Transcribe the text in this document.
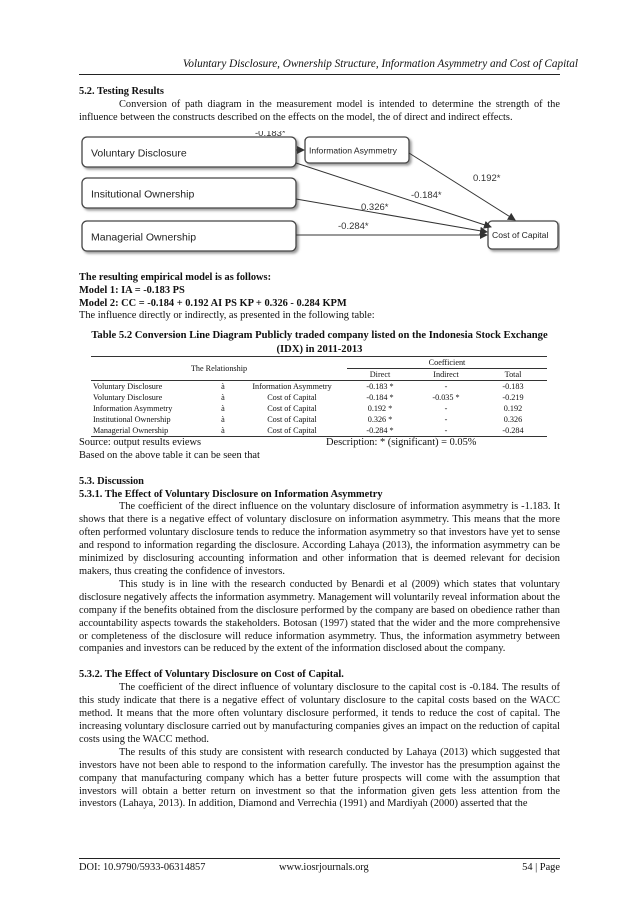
Voluntary Disclosure, Ownership Structure, Information Asymmetry and Cost of Capital

5.2. Testing Results

Conversion of path diagram in the measurement model is intended to determine the strength of the influence between the constructs described on the effects on the model, the of direct and indirect effects.

Voluntary Disclosure
Insitutional Ownership
Managerial Ownership
Information Asymmetry
Cost of Capital
-0.183*
0.192*
-0.184*
0.326*
-0.284*

The resulting empirical model is as follows:

Model 1: IA = -0.183 PS

Model 2: CC = -0.184 + 0.192 AI PS KP + 0.326 - 0.284 KPM

The influence directly or indirectly, as presented in the following table:

Table 5.2 Conversion Line Diagram Publicly traded company listed on the Indonesia Stock Exchange
(IDX) in 2011-2013
The Relationship			Coefficient		
			Direct	Indirect	Total
Voluntary Disclosure	à	Information Asymmetry	-0.183 *	-	-0.183
Voluntary Disclosure	à	Cost of Capital	-0.184 *	-0.035 *	-0.219
Information Asymmetry	à	Cost of Capital	0.192 *	-	0.192
Institutional Ownership	à	Cost of Capital	0.326 *	-	0.326
Managerial Ownership	à	Cost of Capital	-0.284 *	-	-0.284
Source: output results eviews	Description: * (significant) = 0.05%

Based on the above table it can be seen that

5.3. Discussion

5.3.1. The Effect of Voluntary Disclosure on Information Asymmetry

The coefficient of the direct influence on the voluntary disclosure of information asymmetry is -1.183. It shows that there is a negative effect of voluntary disclosure on information asymmetry. This means that the more often performed voluntary disclosure tends to reduce the information asymmetry so that investors have yet to sense and respond to information regarding the disclosure. According Lahaya (2013), the information asymmetry can be minimized by disclosuring accounting information and other information that is deemed relevant for decision makers, thus creating the confidence of investors.

This study is in line with the research conducted by Benardi et al (2009) which states that voluntary disclosure negatively affects the information asymmetry. Management will voluntarily reveal information about the company if the benefits obtained from the disclosure performed by the company are based on obedience rather than accountability aspects towards the stakeholders. Botosan (1997) stated that the wider and the more comprehensive or completeness of the disclosure will reduce information asymmetry. Thus, the information asymmetry between companies and investors can be reduced by the extent of the information disclosed about the company.

5.3.2. The Effect of Voluntary Disclosure on Cost of Capital.

The coefficient of the direct influence of voluntary disclosure to the capital cost is -0.184. The results of this study indicate that there is a negative effect of voluntary disclosure to the capital costs based on the WACC method. It means that the more often voluntary disclosure performed, it tends to reduce the cost of capital. The increasing voluntary disclosure carried out by manufacturing companies gives an impact on the reduction of capital costs using the WACC method.

The results of this study are consistent with research conducted by Lahaya (2013) which suggested that investors have not been able to respond to the information carefully. The investor has the presumption against the company that manufacturing company which has a better future prospects will come with the assumption that investors will obtain a better return on investment so that the information given gets less attention from the investors (Lahaya, 2013). In addition, Diamond and Verrechia (1991) and Mardiyah (2000) asserted that the

DOI: 10.9790/5933-06314857	www.iosrjournals.org	54 | Page
